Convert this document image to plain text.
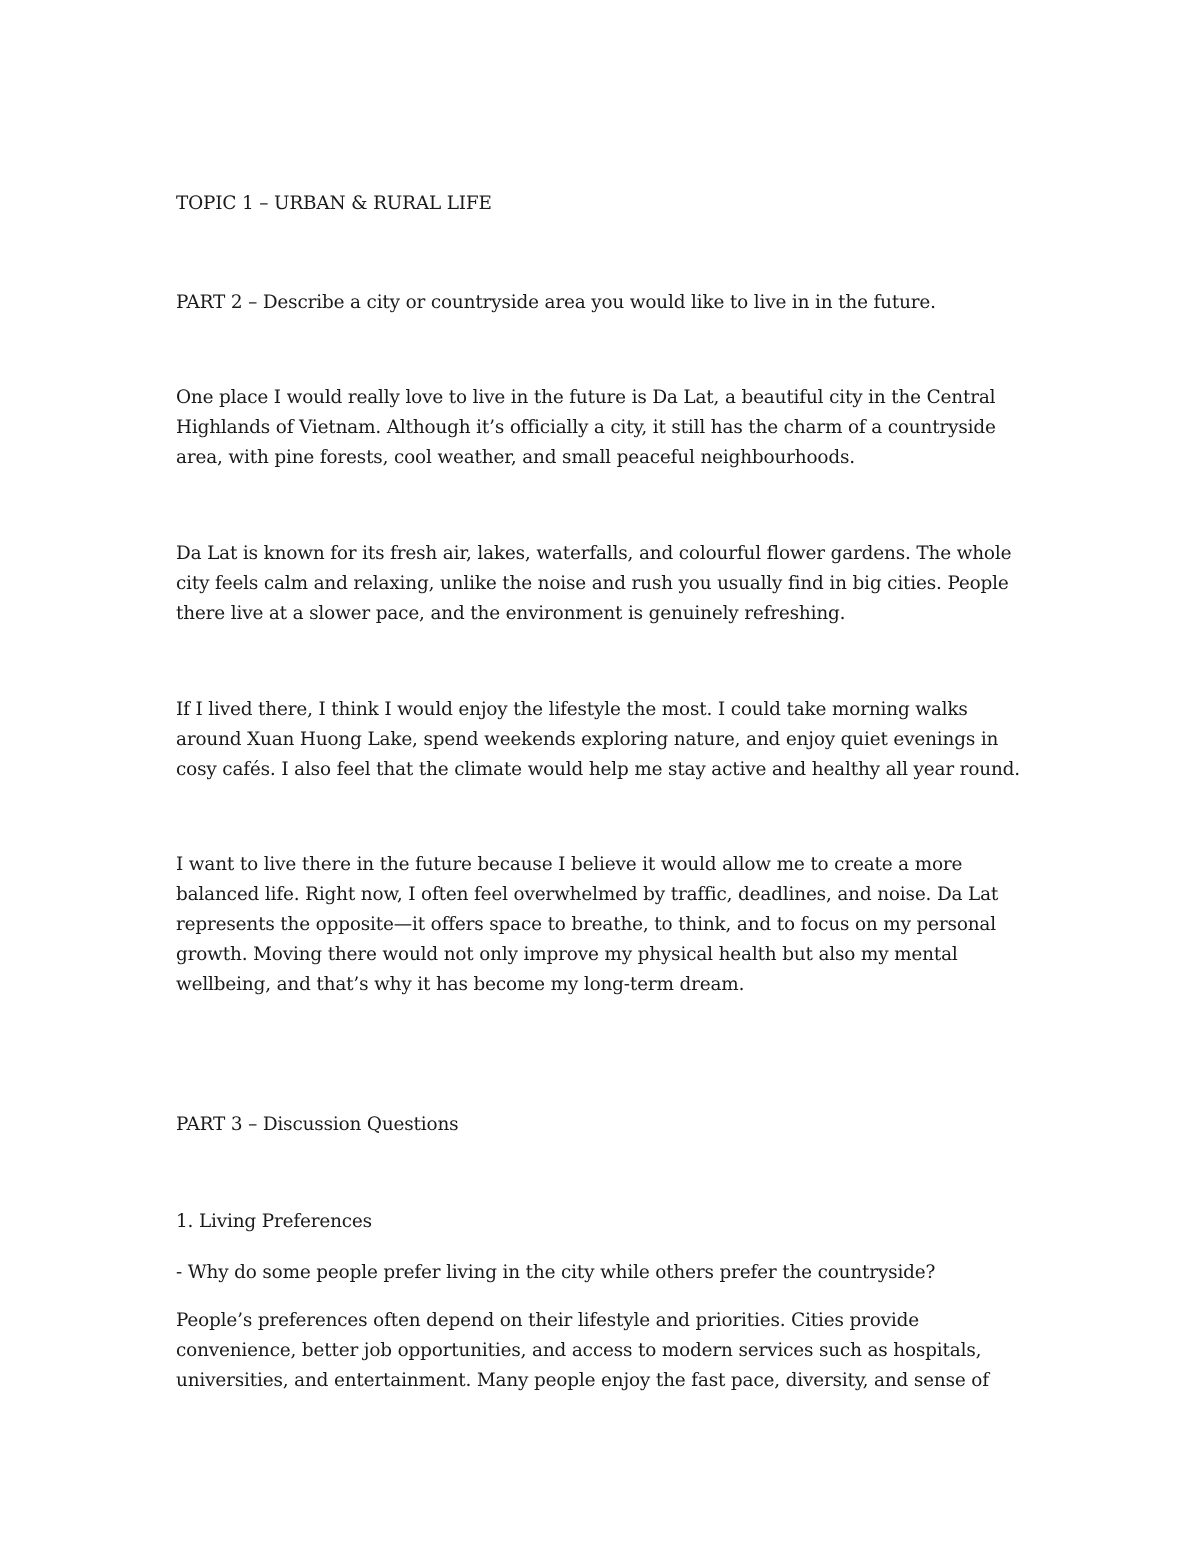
TOPIC 1 – URBAN & RURAL LIFE

PART 2 – Describe a city or countryside area you would like to live in in the future.

One place I would really love to live in the future is Da Lat, a beautiful city in the Central
Highlands of Vietnam. Although it’s officially a city, it still has the charm of a countryside
area, with pine forests, cool weather, and small peaceful neighbourhoods.
Da Lat is known for its fresh air, lakes, waterfalls, and colourful flower gardens. The whole
city feels calm and relaxing, unlike the noise and rush you usually find in big cities. People
there live at a slower pace, and the environment is genuinely refreshing.
If I lived there, I think I would enjoy the lifestyle the most. I could take morning walks
around Xuan Huong Lake, spend weekends exploring nature, and enjoy quiet evenings in
cosy cafés. I also feel that the climate would help me stay active and healthy all year round.
I want to live there in the future because I believe it would allow me to create a more
balanced life. Right now, I often feel overwhelmed by traffic, deadlines, and noise. Da Lat
represents the opposite—it offers space to breathe, to think, and to focus on my personal
growth. Moving there would not only improve my physical health but also my mental
wellbeing, and that’s why it has become my long-term dream.

PART 3 – Discussion Questions

1. Living Preferences

- Why do some people prefer living in the city while others prefer the countryside?

People’s preferences often depend on their lifestyle and priorities. Cities provide
convenience, better job opportunities, and access to modern services such as hospitals,
universities, and entertainment. Many people enjoy the fast pace, diversity, and sense of
